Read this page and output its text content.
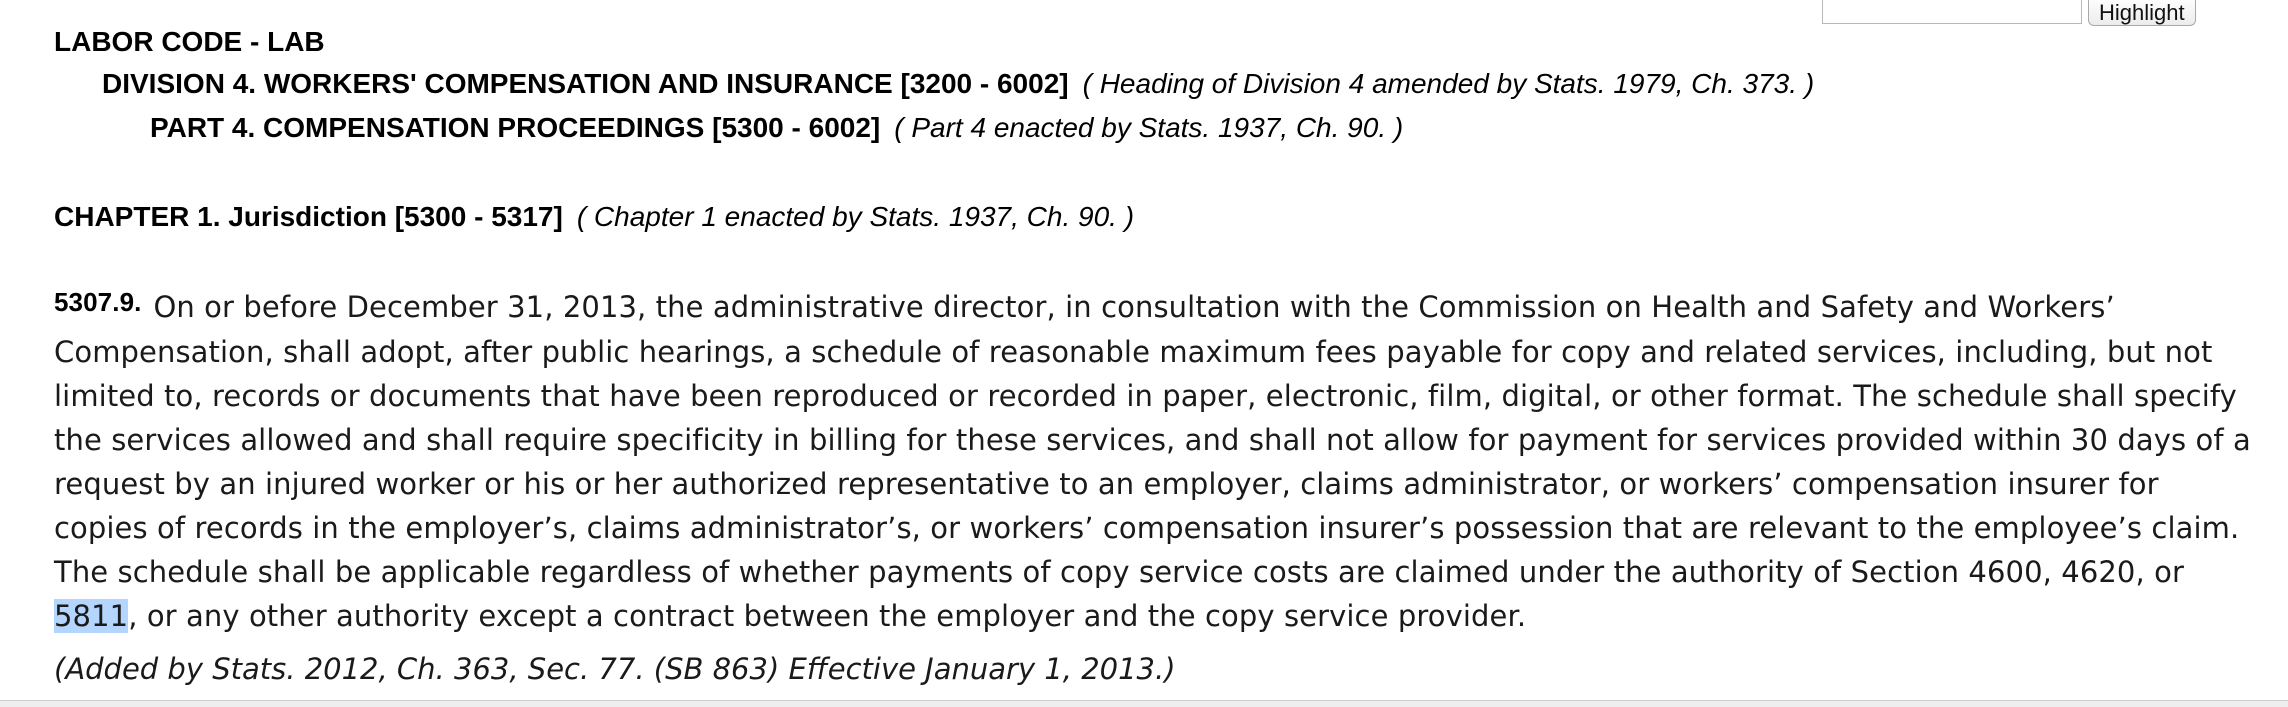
Highlight
LABOR CODE - LAB
DIVISION 4. WORKERS' COMPENSATION AND INSURANCE [3200 - 6002] ( Heading of Division 4 amended by Stats. 1979, Ch. 373. )
PART 4. COMPENSATION PROCEEDINGS [5300 - 6002] ( Part 4 enacted by Stats. 1937, Ch. 90. )
CHAPTER 1. Jurisdiction [5300 - 5317] ( Chapter 1 enacted by Stats. 1937, Ch. 90. )
5307.9. On or before December 31, 2013, the administrative director, in consultation with the Commission on Health and Safety and Workers’ Compensation, shall adopt, after public hearings, a schedule of reasonable maximum fees payable for copy and related services, including, but not limited to, records or documents that have been reproduced or recorded in paper, electronic, film, digital, or other format. The schedule shall specify the services allowed and shall require specificity in billing for these services, and shall not allow for payment for services provided within 30 days of a request by an injured worker or his or her authorized representative to an employer, claims administrator, or workers’ compensation insurer for copies of records in the employer’s, claims administrator’s, or workers’ compensation insurer’s possession that are relevant to the employee’s claim. The schedule shall be applicable regardless of whether payments of copy service costs are claimed under the authority of Section 4600, 4620, or 5811, or any other authority except a contract between the employer and the copy service provider.
(Added by Stats. 2012, Ch. 363, Sec. 77. (SB 863) Effective January 1, 2013.)
